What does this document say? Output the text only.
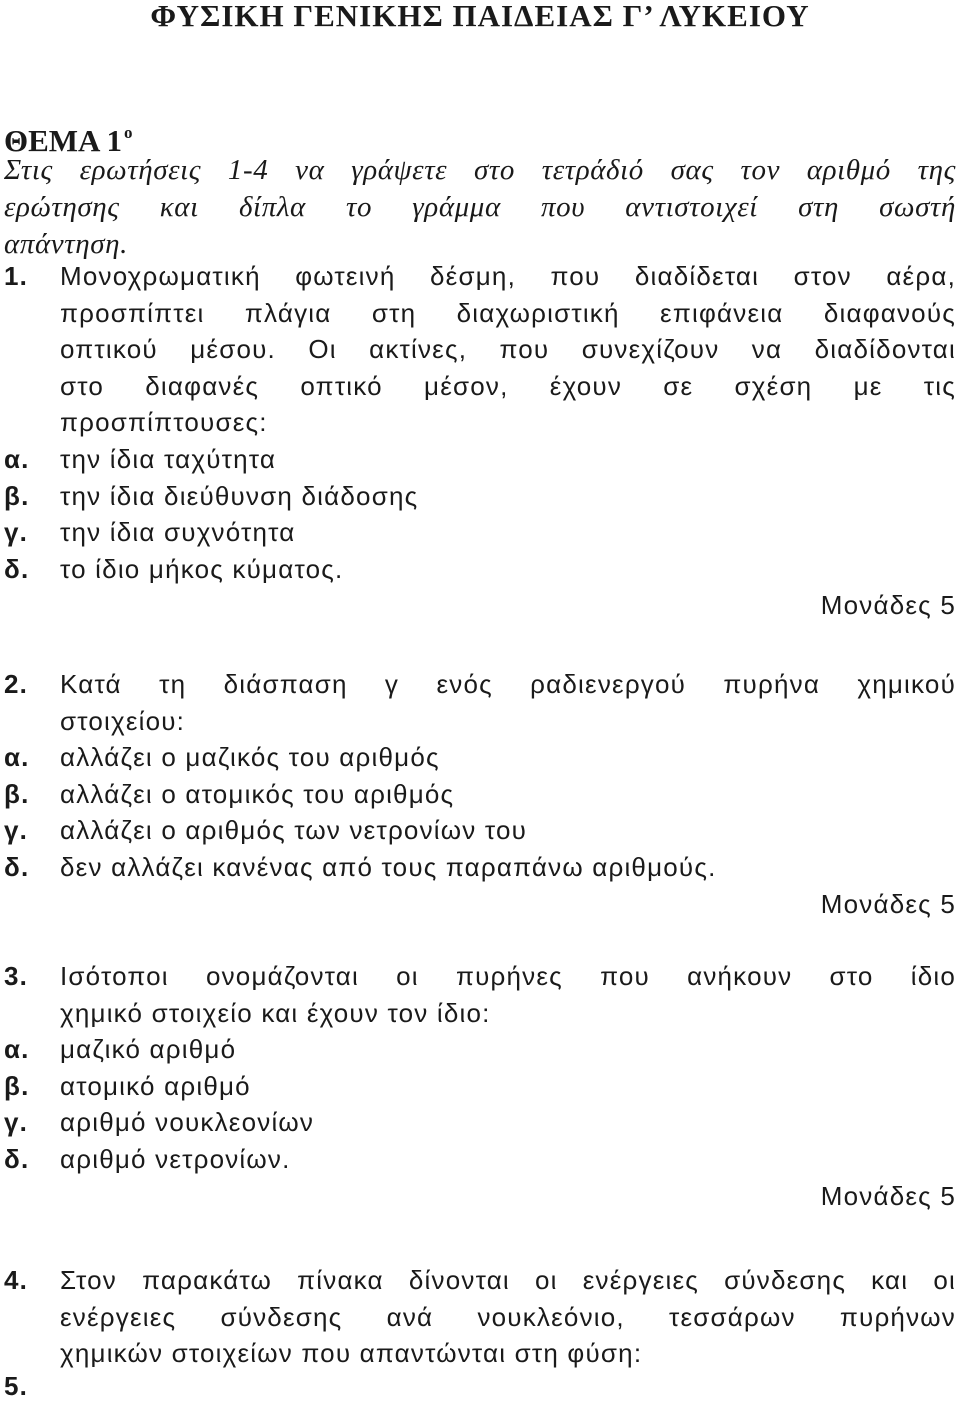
ΦΥΣΙΚΗ ΓΕΝΙΚΗΣ ΠΑΙΔΕΙΑΣ Γ’ ΛΥΚΕΙΟΥ
ΘΕΜΑ 1 $^o$
Στις ερωτήσεις 1-4 να γράψετε στο τετράδιό σας τον αριθμό της
ερώτησης και δίπλα το γράμμα που αντιστοιχεί στη σωστή
απάντηση.
1. Μονοχρωματική φωτεινή δέσμη, που διαδίδεται στον αέρα,
προσπίπτει πλάγια στη διαχωριστική επιφάνεια διαφανούς
οπτικού μέσου. Οι ακτίνες, που συνεχίζουν να διαδίδονται
στο διαφανές οπτικό μέσον, έχουν σε σχέση με τις
προσπίπτουσες:
α. την ίδια ταχύτητα
β. την ίδια διεύθυνση διάδοσης
γ. την ίδια συχνότητα
δ. το ίδιο μήκος κύματος.
Μονάδες 5
2. Κατά τη διάσπαση γ ενός ραδιενεργού πυρήνα χημικού
στοιχείου:
α. αλλάζει ο μαζικός του αριθμός
β. αλλάζει ο ατομικός του αριθμός
γ. αλλάζει ο αριθμός των νετρονίων του
δ. δεν αλλάζει κανένας από τους παραπάνω αριθμούς.
Μονάδες 5
3. Ισότοποι ονομάζονται οι πυρήνες που ανήκουν στο ίδιο
χημικό στοιχείο και έχουν τον ίδιο:
α. μαζικό αριθμό
β. ατομικό αριθμό
γ. αριθμό νουκλεονίων
δ. αριθμό νετρονίων.
Μονάδες 5
4. Στον παρακάτω πίνακα δίνονται οι ενέργειες σύνδεσης και οι
ενέργειες σύνδεσης ανά νουκλεόνιο, τεσσάρων πυρήνων
χημικών στοιχείων που απαντώνται στη φύση:
5.
